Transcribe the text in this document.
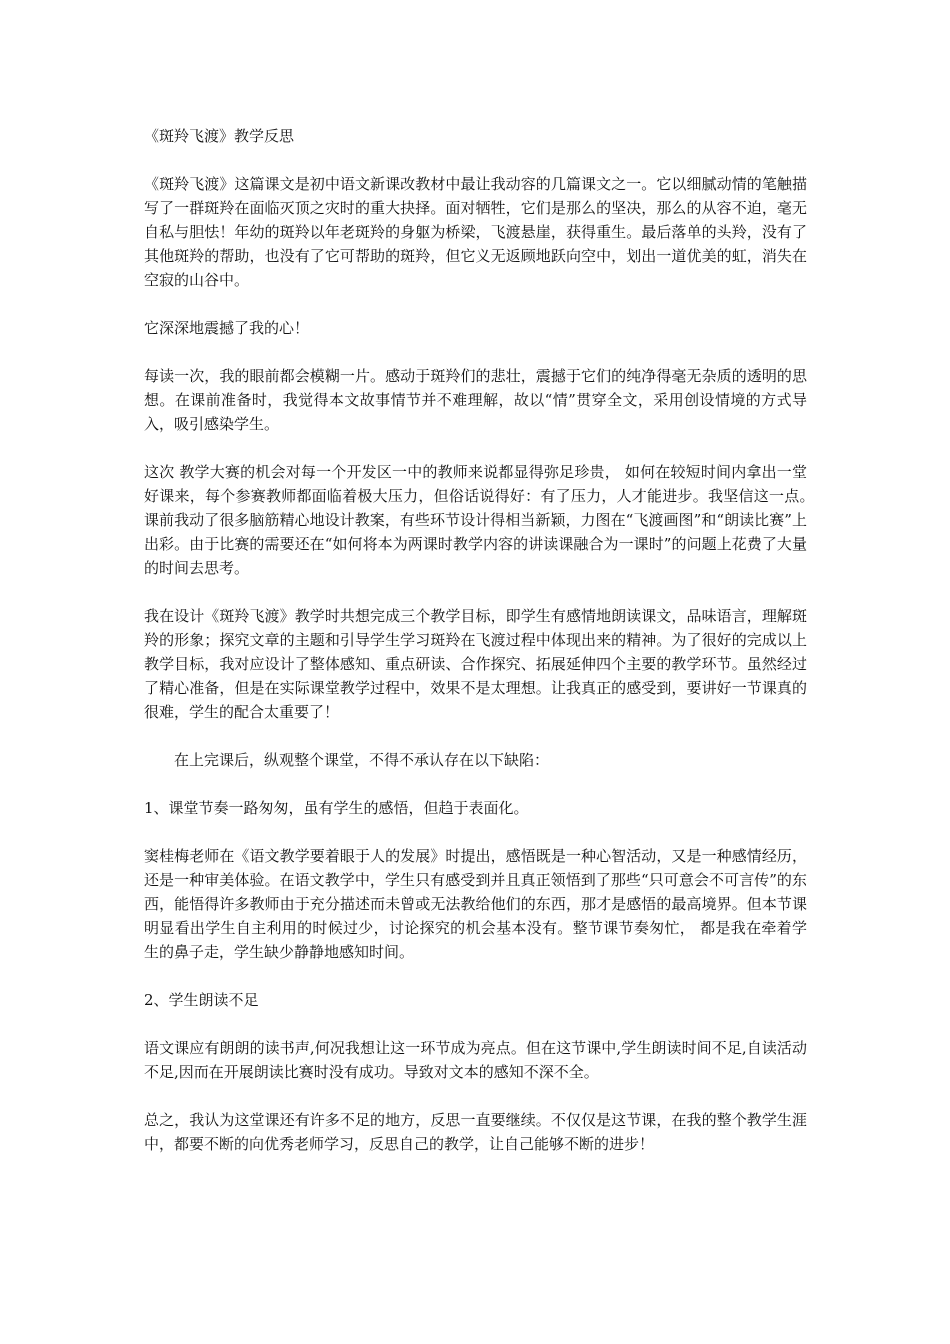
《斑羚飞渡》教学反思

《斑羚飞渡》这篇课文是初中语文新课改教材中最让我动容的几篇课文之一。它以细腻动情的笔触描写了一群斑羚在面临灭顶之灾时的重大抉择。面对牺牲，它们是那么的坚决，那么的从容不迫，毫无自私与胆怯！年幼的斑羚以年老斑羚的身躯为桥梁，飞渡悬崖，获得重生。最后落单的头羚，没有了其他斑羚的帮助，也没有了它可帮助的斑羚，但它义无返顾地跃向空中，划出一道优美的虹，消失在空寂的山谷中。

它深深地震撼了我的心！

每读一次，我的眼前都会模糊一片。感动于斑羚们的悲壮，震撼于它们的纯净得毫无杂质的透明的思想。在课前准备时，我觉得本文故事情节并不难理解，故以“情”贯穿全文，采用创设情境的方式导入，吸引感染学生。

这次 教学大赛的机会对每一个开发区一中的教师来说都显得弥足珍贵， 如何在较短时间内拿出一堂好课来，每个参赛教师都面临着极大压力，但俗话说得好：有了压力，人才能进步。我坚信这一点。　 课前我动了很多脑筋精心地设计教案，有些环节设计得相当新颖，力图在“飞渡画图”和“朗读比赛”上出彩。由于比赛的需要还在“如何将本为两课时教学内容的讲读课融合为一课时”的问题上花费了大量的时间去思考。

我在设计《斑羚飞渡》教学时共想完成三个教学目标，即学生有感情地朗读课文，品味语言，理解斑羚的形象；探究文章的主题和引导学生学习斑羚在飞渡过程中体现出来的精神。为了很好的完成以上教学目标，我对应设计了整体感知、重点研读、合作探究、拓展延伸四个主要的教学环节。虽然经过了精心准备，但是在实际课堂教学过程中，效果不是太理想。让我真正的感受到，要讲好一节课真的很难，学生的配合太重要了！

在上完课后，纵观整个课堂，不得不承认存在以下缺陷：

1、课堂节奏一路匆匆，虽有学生的感悟，但趋于表面化。

窦桂梅老师在《语文教学要着眼于人的发展》时提出，感悟既是一种心智活动，又是一种感情经历，还是一种审美体验。在语文教学中，学生只有感受到并且真正领悟到了那些“只可意会不可言传”的东西，能悟得许多教师由于充分描述而未曾或无法教给他们的东西，那才是感悟的最高境界。但本节课明显看出学生自主利用的时候过少，讨论探究的机会基本没有。整节课节奏匆忙， 都是我在牵着学生的鼻子走，学生缺少静静地感知时间。

2、学生朗读不足

语文课应有朗朗的读书声,何况我想让这一环节成为亮点。但在这节课中,学生朗读时间不足,自读活动不足,因而在开展朗读比赛时没有成功。导致对文本的感知不深不全。

总之，我认为这堂课还有许多不足的地方，反思一直要继续。不仅仅是这节课，在我的整个教学生涯中，都要不断的向优秀老师学习，反思自己的教学，让自己能够不断的进步！
